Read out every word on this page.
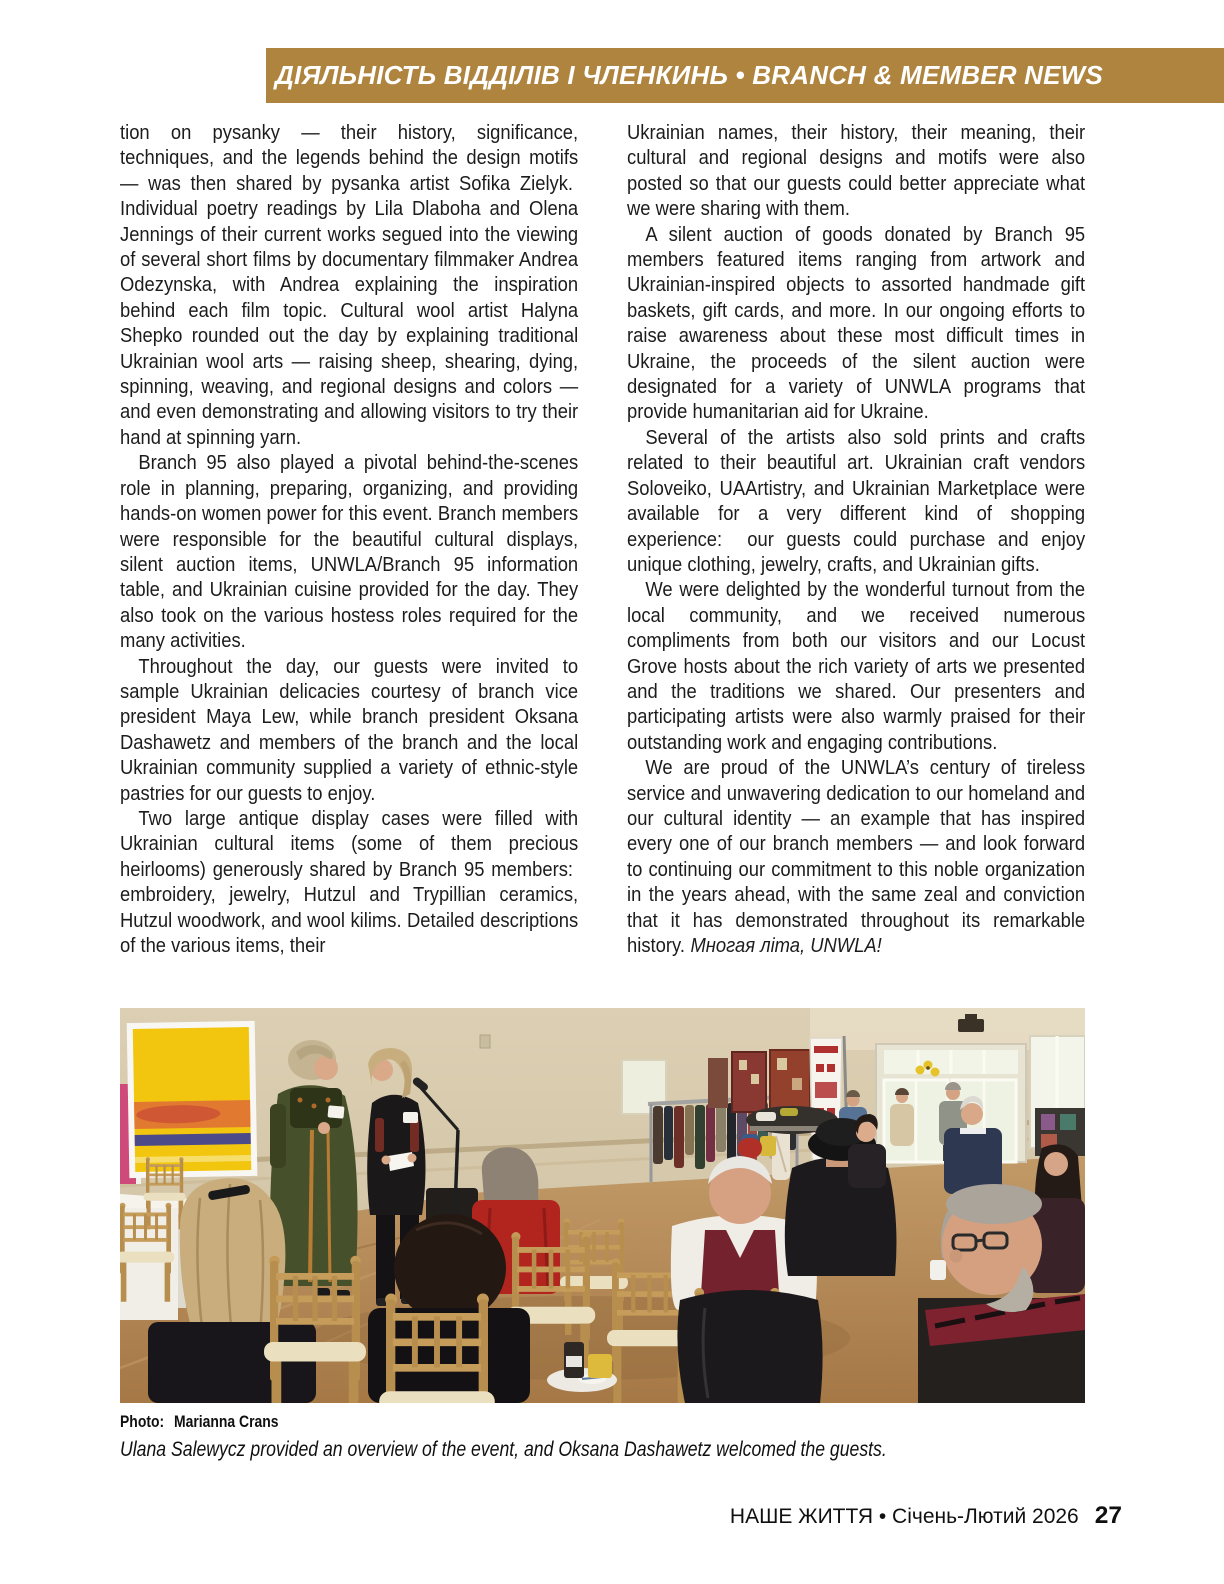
ДІЯЛЬНІСТЬ ВІДДІЛІВ І ЧЛЕНКИНЬ • BRANCH & MEMBER NEWS

tion on pysanky — their history, significance, techniques, and the legends behind the design motifs — was then shared by pysanka artist Sofika Zielyk.  Individual poetry readings by Lila Dlaboha and Olena Jennings of their current works segued into the viewing of several short films by documentary filmmaker Andrea Odezynska, with Andrea explaining the inspiration behind each film topic. Cultural wool artist Halyna Shepko rounded out the day by explaining traditional Ukrainian wool arts — raising sheep, shearing, dying, spinning, weaving, and regional designs and colors — and even demonstrating and allowing visitors to try their hand at spinning yarn.

Branch 95 also played a pivotal behind-the-scenes role in planning, preparing, organizing, and providing hands-on women power for this event. Branch members were responsible for the beautiful cultural displays, silent auction items, UNWLA/Branch 95 information table, and Ukrainian cuisine provided for the day. They also took on the various hostess roles required for the many activities.

Throughout the day, our guests were invited to sample Ukrainian delicacies courtesy of branch vice president Maya Lew, while branch president Oksana Dashawetz and members of the branch and the local Ukrainian community supplied a variety of ethnic-style pastries for our guests to enjoy.

Two large antique display cases were filled with Ukrainian cultural items (some of them precious heirlooms) generously shared by Branch 95 members:  embroidery, jewelry, Hutzul and Trypillian ceramics, Hutzul woodwork, and wool kilims. Detailed descriptions of the various items, their

Ukrainian names, their history, their meaning, their cultural and regional designs and motifs were also posted so that our guests could better appreciate what we were sharing with them.

A silent auction of goods donated by Branch 95 members featured items ranging from artwork and Ukrainian-inspired objects to assorted handmade gift baskets, gift cards, and more. In our ongoing efforts to raise awareness about these most difficult times in Ukraine, the proceeds of the silent auction were designated for a variety of UNWLA programs that provide humanitarian aid for Ukraine.

Several of the artists also sold prints and crafts related to their beautiful art. Ukrainian craft vendors Soloveiko, UAArtistry, and Ukrainian Marketplace were available for a very different kind of shopping experience:  our guests could purchase and enjoy unique clothing, jewelry, crafts, and Ukrainian gifts.

We were delighted by the wonderful turnout from the local community, and we received numerous compliments from both our visitors and our Locust Grove hosts about the rich variety of arts we presented and the traditions we shared. Our presenters and participating artists were also warmly praised for their outstanding work and engaging contributions.

We are proud of the UNWLA’s century of tireless service and unwavering dedication to our homeland and our cultural identity — an example that has inspired every one of our branch members — and look forward to continuing our commitment to this noble organization in the years ahead, with the same zeal and conviction that it has demonstrated throughout its remarkable history. Многая літа, UNWLA!

Photo: Marianna Crans
Ulana Salewycz provided an overview of the event, and Oksana Dashawetz welcomed the guests.
НАШЕ ЖИТТЯ • Січень-Лютий 2026 27
